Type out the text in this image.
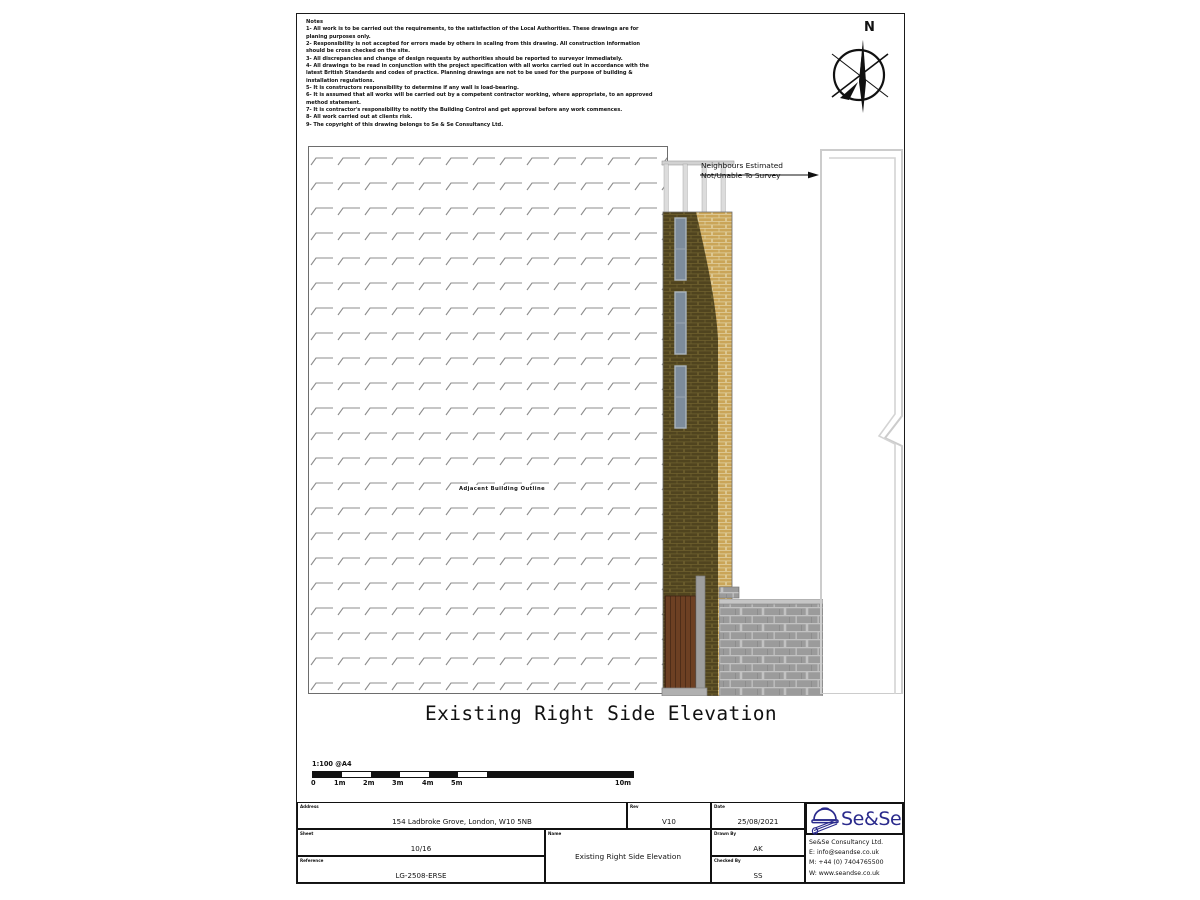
Notes
1- All work is to be carried out the requirements, to the satisfaction of the Local Authorities. These drawings are for planing purposes only.
2- Responsibility is not accepted for errors made by others in scaling from this drawing. All construction information should be cross checked on the site.
3- All discrepancies and change of design requests by authorities should be reported to surveyor immediately.
4- All drawings to be read in conjunction with the project specification with all works carried out in accordance with the latest British Standards and codes of practice. Planning drawings are not to be used for the purpose of building & installation regulations.
5- It is constructors responsibility to determine if any wall is load-bearing.
6- It is assumed that all works will be carried out by a competent contractor working, where appropriate, to an approved method statement.
7- It is contractor's responsibility to notify the Building Control and get approval before any work commences.
8- All work carried out at clients risk.
9- The copyright of this drawing belongs to Se & Se Consultancy Ltd.
N
Adjacent Building Outline
Neighbours Estimated
Not/Unable To Survey
Existing Right Side Elevation
1:100 @A4
0	1m	2m	3m	4m	5m	10m
Address
154 Ladbroke Grove, London, W10 5NB
Sheet
10/16
Reference
LG-2508-ERSE
Name
Existing Right Side Elevation
Rev
V10
Date
25/08/2021
Drawn By
AK
Checked By
SS
Se&Se
Se&Se Consultancy Ltd.
E: info@seandse.co.uk
M: +44 (0) 7404765500
W: www.seandse.co.uk
